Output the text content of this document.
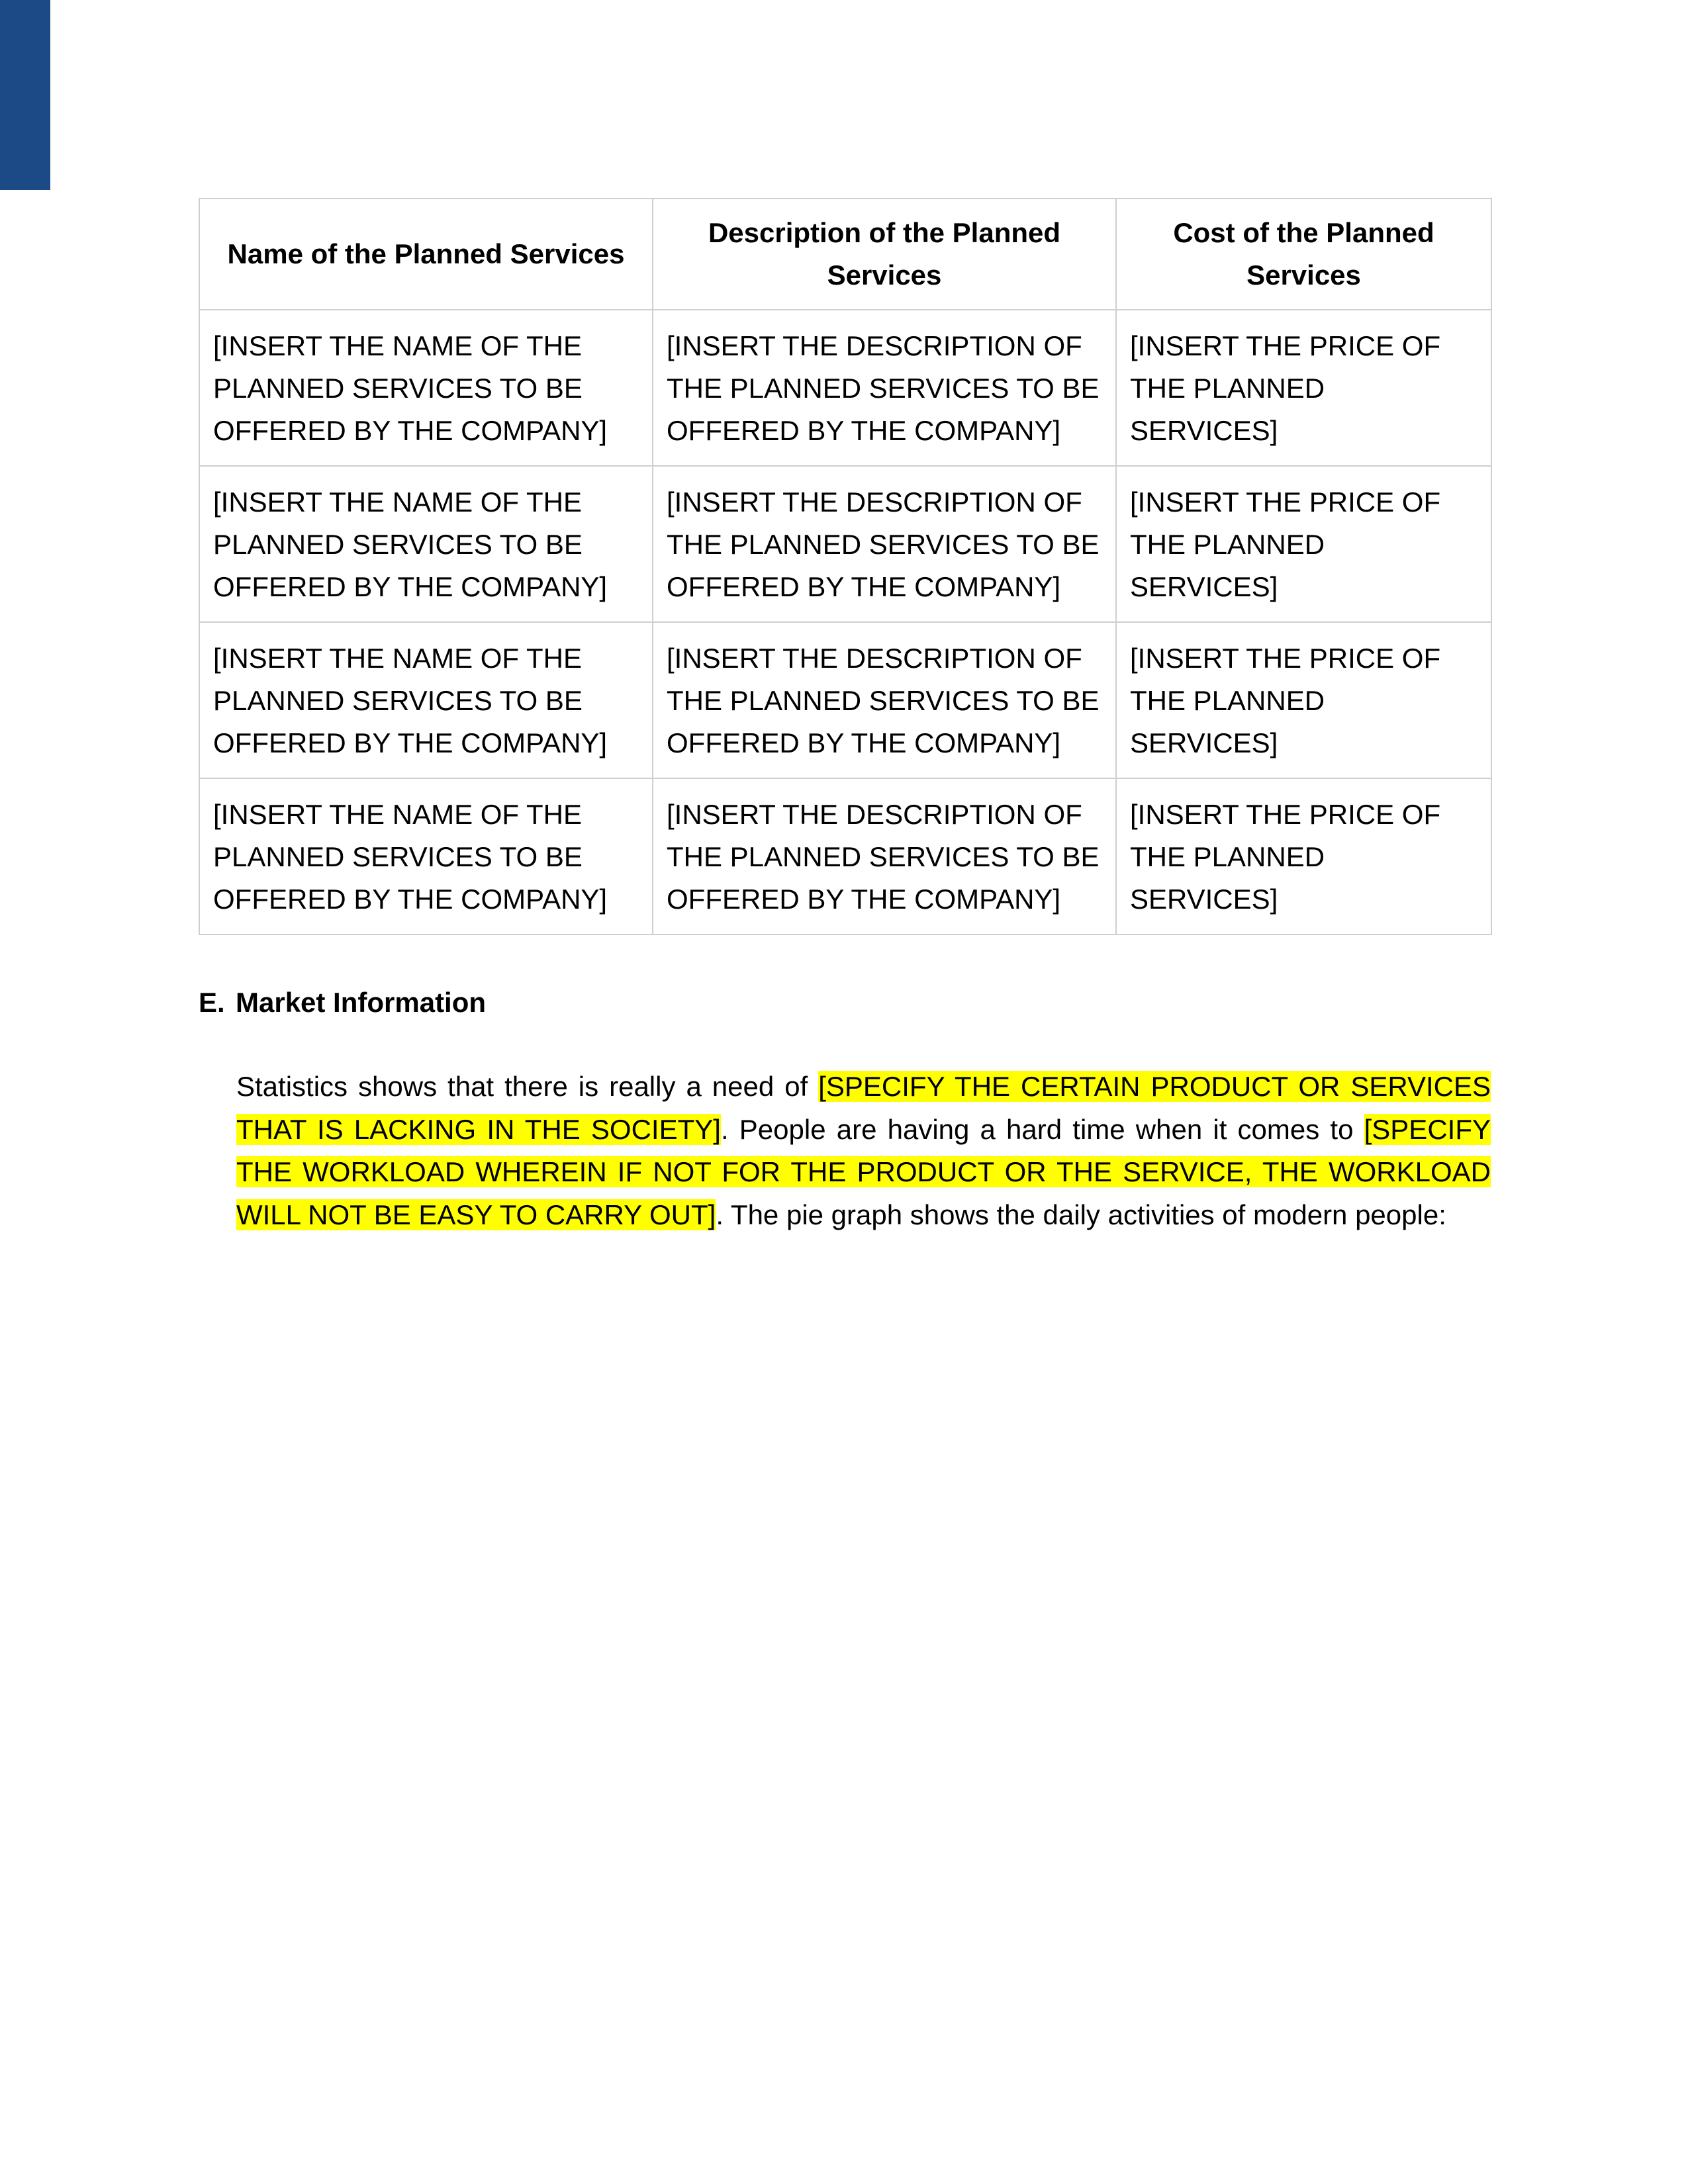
Name of the Planned Services	Description of the Planned Services	Cost of the Planned Services
[INSERT THE NAME OF THE PLANNED SERVICES TO BE OFFERED BY THE COMPANY]	[INSERT THE DESCRIPTION OF THE PLANNED SERVICES TO BE OFFERED BY THE COMPANY]	[INSERT THE PRICE OF THE PLANNED SERVICES]
[INSERT THE NAME OF THE PLANNED SERVICES TO BE OFFERED BY THE COMPANY]	[INSERT THE DESCRIPTION OF THE PLANNED SERVICES TO BE OFFERED BY THE COMPANY]	[INSERT THE PRICE OF THE PLANNED SERVICES]
[INSERT THE NAME OF THE PLANNED SERVICES TO BE OFFERED BY THE COMPANY]	[INSERT THE DESCRIPTION OF THE PLANNED SERVICES TO BE OFFERED BY THE COMPANY]	[INSERT THE PRICE OF THE PLANNED SERVICES]
[INSERT THE NAME OF THE PLANNED SERVICES TO BE OFFERED BY THE COMPANY]	[INSERT THE DESCRIPTION OF THE PLANNED SERVICES TO BE OFFERED BY THE COMPANY]	[INSERT THE PRICE OF THE PLANNED SERVICES]
E. Market Information

Statistics shows that there is really a need of [SPECIFY THE CERTAIN PRODUCT OR SERVICES THAT IS LACKING IN THE SOCIETY]. People are having a hard time when it comes to [SPECIFY THE WORKLOAD WHEREIN IF NOT FOR THE PRODUCT OR THE SERVICE, THE WORKLOAD WILL NOT BE EASY TO CARRY OUT]. The pie graph shows the daily activities of modern people:
